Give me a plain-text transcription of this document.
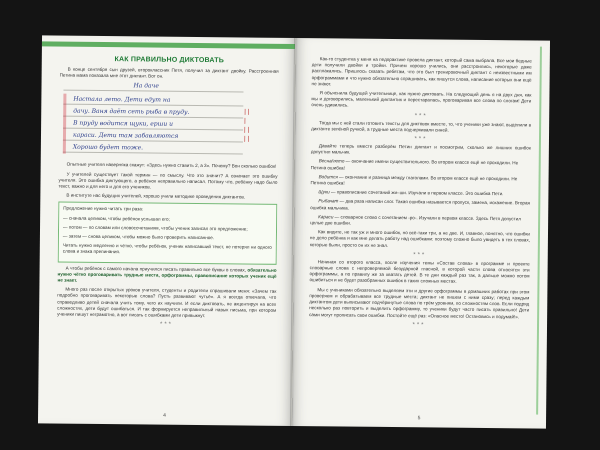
КАК ПРАВИЛЬНО ДИКТОВАТЬ

В конце сентября сын друзей, второклассник Петя, получил за диктант двойку. Расстроенная Петина мама показала мне этот диктант. Вот он.

На даче
Настала лето. Дети едут на
дачу. Ваня даёт сеть рыба в пруду.
В пруду водится щуки, ерши и
караси. Дети там забавляются
Хорошо будет тоже.
||
|
||
||

Опытные учителя наверняка скажут: «Здесь нужно ставить 2, а 3». Почему? Вон сколько ошибок!

У учителей существует такой термин — по смыслу. Что это значит? А означает это ошибку учителя. Это ошибка диктующего, а ребёнок неправильно написал. Потому что, ребёнку надо было текст, важно и для него и для его учеников.

В институте нас будущих учителей, хорошо учили методике проведения диктантов.

Предложение нужно читать три раза:

— сначала целиком, чтобы ребёнок услышал его;

— потом — по словам или словосочетаниям, чтобы ученик записал это предложение;

— затем — снова целиком, чтобы можно было проверить написанное.

Читать нужно медленно и чётко, чтобы ребёнок, ученик написавший текст, не потерял ни одного слова и знака препинания.

А чтобы ребёнок с самого начала приучился писать правильно все буквы в словах, обязательно нужно чётко проговаривать трудные места, орфограммы, правописание которых ученик ещё не знает.

Много раз после открытых уроков учителя, студенты и родители спрашивали меня: «Зачем так подробно проговаривать некоторые слова? Пусть развивают чутьё». А я всегда отвечала, что справедливо детей сначала учить тому, чего их научили. И если диктовать, не акцентируя на всех сложностях, дети будут ошибаться. И так формируется неправильный навык письма, при котором ученики пишут неграмотно, а вот писать с ошибками дети привыкнут.

***
4

Как-то студентка у меня на педпрактике провела диктант, который сама выбрала. Все мои бедные дети получили двойки и тройки. Причем хорошо учились, они расстроились, некоторые даже расплакались. Пришлось сказать ребятам, что это был тренировочный диктант с неизвестными им орфограммами и что нужно обязательно спрашивать, как пишутся слова, написание которых они ещё не знают.

Я объяснила будущей учительнице, как нужно диктовать. На следующий день я на двух дня, как мы и договорились, маленький диктантик и перестаралась, проговаривая все слова по слогам! Дети очень удивились.

***

Тогда мы с ней стали готовить тексты для диктовок вместе, то, что ученики уже знают, выделили в диктанте зелёной ручкой, а трудные места подчеркивали синей.

***

Давайте теперь вместе разберём Петин диктант и посмотрим, сколько же лишних ошибок допустил мальчик.

Весна/лето — окончание имени существительного. Во втором классе ещё не проходили. Не Петина ошибка!
Водится — окончание и разница между глаголами. Во втором классе ещё не проходили. Не Петина ошибка!
Щуки — правописание сочетаний жи–ши. Изучали в первом классе. Это ошибка Пети.
Рыбачат — два раза написан слог. Такая ошибка называется пропуск, замена, искажение. Вторая ошибка мальчика.
Караси — словарное слово с сочетанием -ро-. Изучали в первом классе. Здесь Петя допустил целые две ошибки.

Как видите, не так уж и много ошибок, но всё-таки три, а не две. И, главное, понятно, что ошибки не дело ребёнка и как мне делать работу над ошибками: поэтому сложно было увидеть в тех словах, которые были, просто он их не знал.

***

Начиная со второго класса, после изучения темы «Состав слова» в программе и проекте словарные слова с непроверяемой безударной гласной, в которой части слова относятся эти орфограммы, а по правилу же за хватать детей. В те дни каждый раз так, а дальше можно потом ошибиться и не будет разобранных ошибок в таких сложных местах.

Мы с учениками обязательно выделяем эти и другие орфограммы в домашних работах при этом проверяем и обрабатываем все трудные места; диктант не пишем с ними сразу; перед каждым диктантом дети выписывают подчёркнутые слова по трём уровням, по сложностям слов. Если подряд несколько раз повторить и выделить орфограмму, то ученики будут часто писать правильно! Дети сами могут прописать свои ошибки. Постойте ещё раз: «Опасное место! Остановись и подумай!».

***
5
